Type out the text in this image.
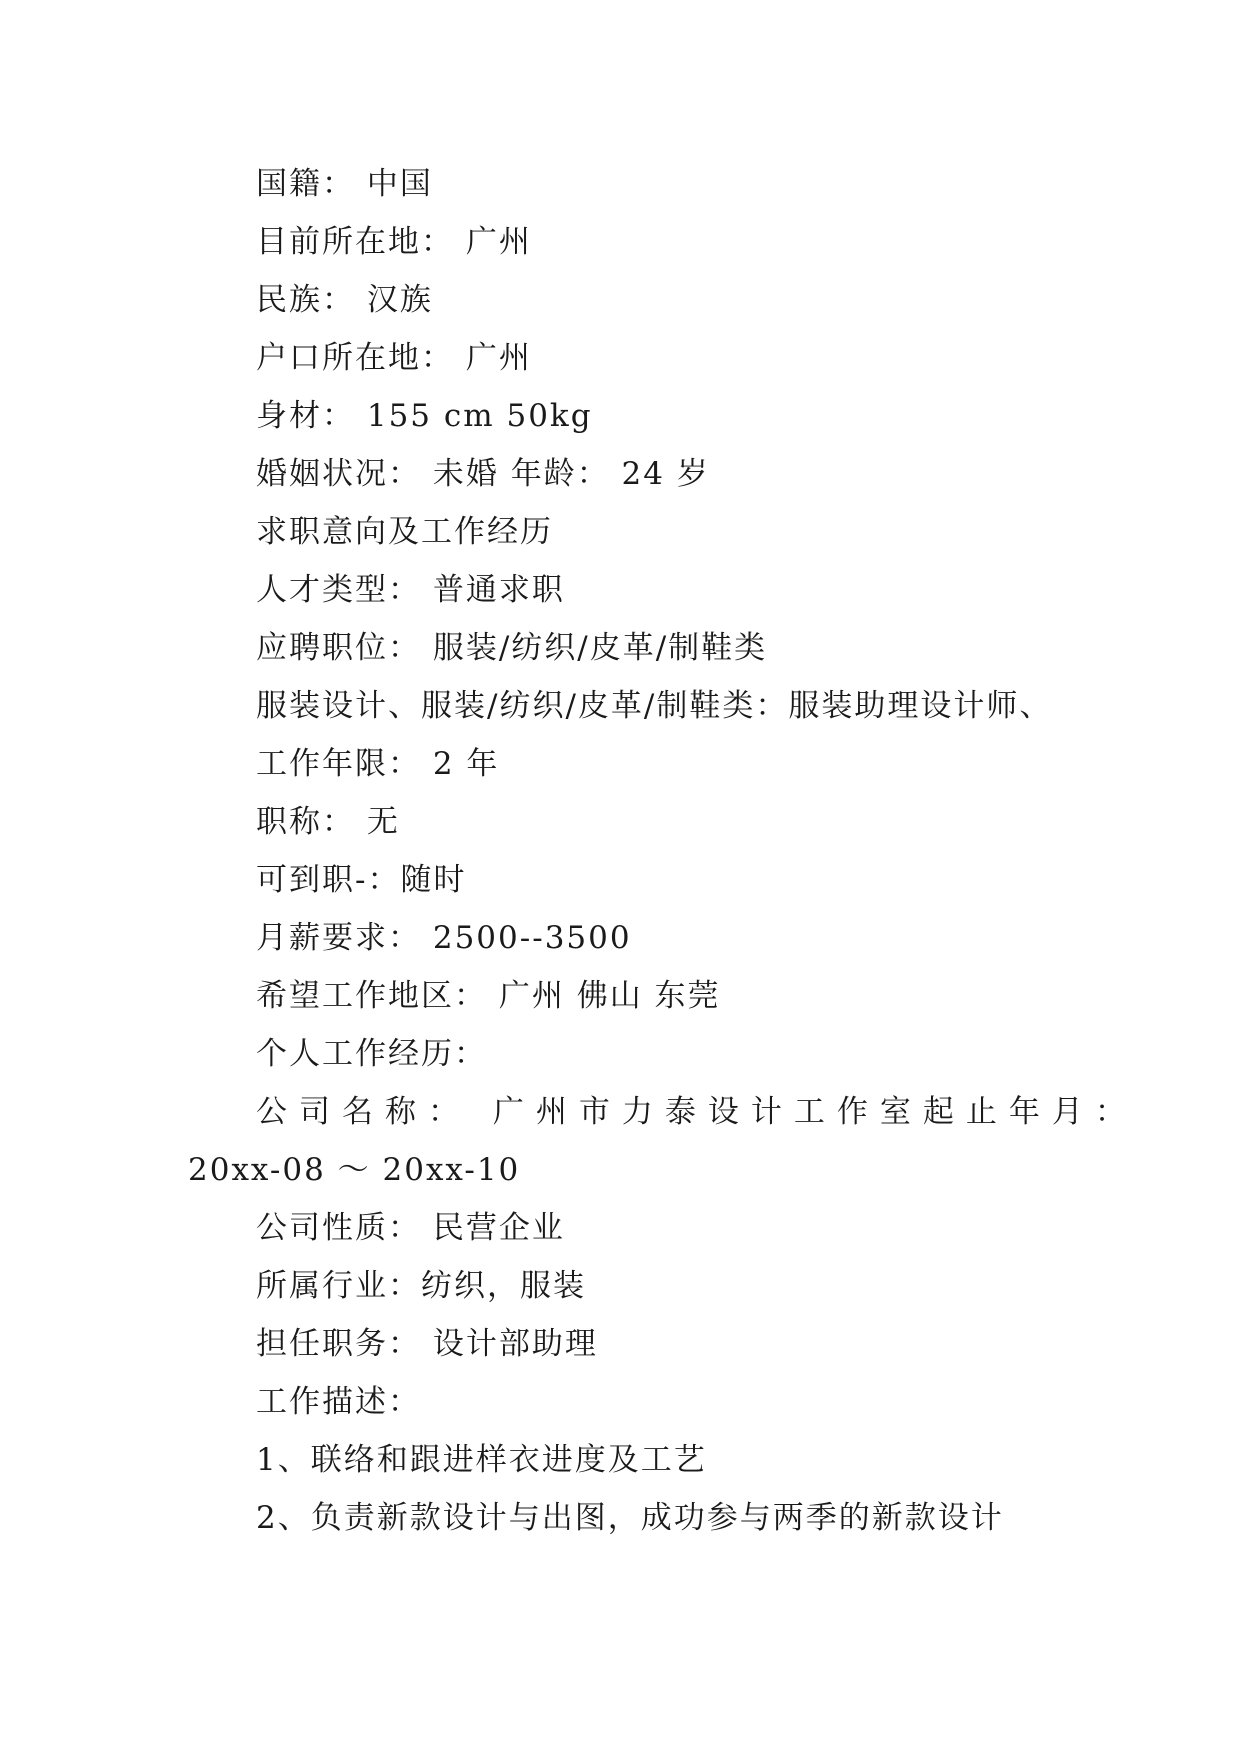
国籍： 中国
目前所在地： 广州
民族： 汉族
户口所在地： 广州
身材： 155 cm 50kg
婚姻状况： 未婚 年龄： 24 岁
求职意向及工作经历
人才类型： 普通求职
应聘职位： 服装/纺织/皮革/制鞋类
服装设计、服装/纺织/皮革/制鞋类：服装助理设计师、
工作年限： 2 年
职称： 无
可到职-：随时
月薪要求： 2500--3500
希望工作地区： 广州 佛山 东莞
个人工作经历：
公司名称： 广州市力泰设计工作室起止年月：
20xx-08 ～ 20xx-10
公司性质： 民营企业
所属行业：纺织，服装
担任职务： 设计部助理
工作描述：
1、联络和跟进样衣进度及工艺
2、负责新款设计与出图，成功参与两季的新款设计
